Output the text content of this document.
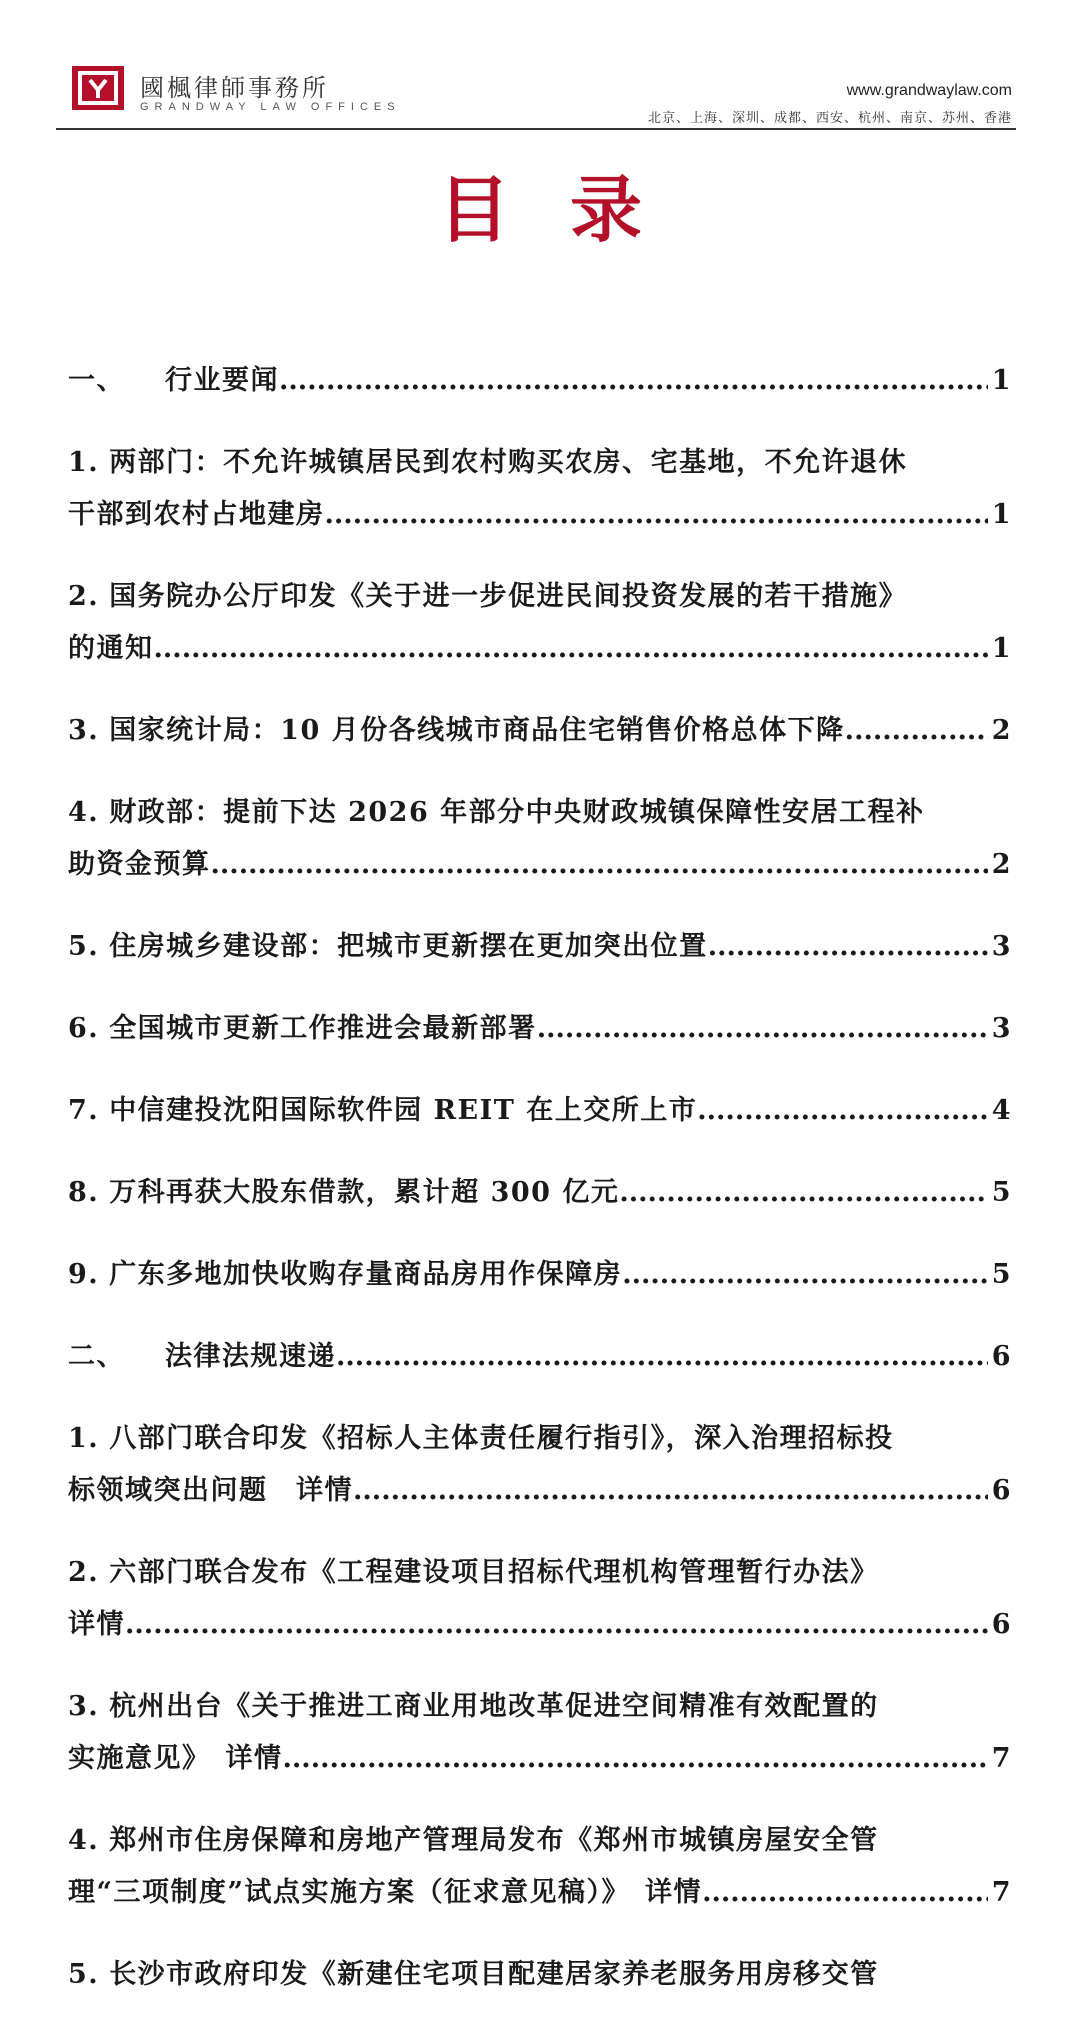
國楓律師事務所
GRANDWAY LAW OFFICES
www.grandwaylaw.com
北京、上海、深圳、成都、西安、杭州、南京、苏州、香港
目录
一、 行业要闻 .....	1
1. 两部门：不允许城镇居民到农村购买农房、宅基地，不允许退休
干部到农村占地建房 .....	1
2. 国务院办公厅印发《关于进一步促进民间投资发展的若干措施》
的通知 .....	1
3. 国家统计局：10 月份各线城市商品住宅销售价格总体下降 .....	2
4. 财政部：提前下达 2026 年部分中央财政城镇保障性安居工程补
助资金预算 .....	2
5. 住房城乡建设部：把城市更新摆在更加突出位置 .....	3
6. 全国城市更新工作推进会最新部署 .....	3
7. 中信建投沈阳国际软件园 REIT 在上交所上市 .....	4
8. 万科再获大股东借款，累计超 300 亿元 .....	5
9. 广东多地加快收购存量商品房用作保障房 .....	5
二、 法律法规速递 .....	6
1. 八部门联合印发《招标人主体责任履行指引》，深入治理招标投
标领域突出问题　详情 .....	6
2. 六部门联合发布《工程建设项目招标代理机构管理暂行办法》
详情 .....	6
3. 杭州出台《关于推进工商业用地改革促进空间精准有效配置的
实施意见》　详情 .....	7
4. 郑州市住房保障和房地产管理局发布《郑州市城镇房屋安全管
理“三项制度”试点实施方案（征求意见稿）》　详情 .....	7
5. 长沙市政府印发《新建住宅项目配建居家养老服务用房移交管
